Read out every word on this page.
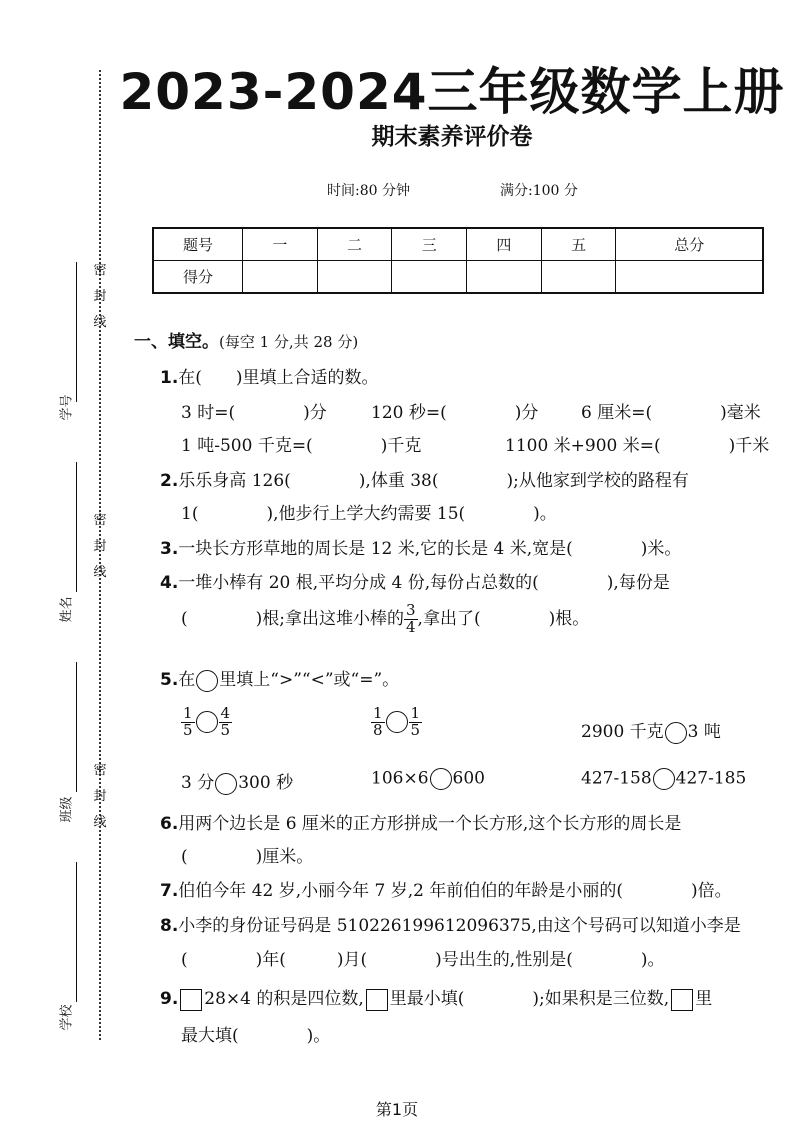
密
封
线
密
封
线
密
封
线
学号
姓名
班级
学校
2023-2024三年级数学上册
期末素养评价卷
时间:80 分钟	满分:100 分
题号	一	二	三	四	五	总分
得分						
一、填空。(每空 1 分,共 28 分)
1.在(　　)里填上合适的数。
3 时=(　　　　)分	120 秒=(　　　　)分	6 厘米=(　　　　)毫米
1 吨-500 千克=(　　　　)千克	1100 米+900 米=(　　　　)千米
2.乐乐身高 126(　　　　),体重 38(　　　　);从他家到学校的路程有
1(　　　　),他步行上学大约需要 15(　　　　)。
3.一块长方形草地的周长是 12 米,它的长是 4 米,宽是(　　　　)米。
4.一堆小棒有 20 根,平均分成 4 份,每份占总数的(　　　　),每份是
(　　　　)根;拿出这堆小棒的 $\frac{3}{4}$ ,拿出了(　　　　)根。
5.在 里填上“>”“<”或“=”。
$\frac{1}{5} \frac{4}{5}$	$\frac{1}{8} \frac{1}{5}$	2900 千克 3 吨
3 分 300 秒	106×6 600	427-158 427-185
6.用两个边长是 6 厘米的正方形拼成一个长方形,这个长方形的周长是
(　　　　)厘米。
7.伯伯今年 42 岁,小丽今年 7 岁,2 年前伯伯的年龄是小丽的(　　　　)倍。
8.小李的身份证号码是 510226199612096375,由这个号码可以知道小李是
(　　　　)年(　　　)月(　　　　)号出生的,性别是(　　　　)。
9. 28×4 的积是四位数, 里最小填(　　　　);如果积是三位数, 里
最大填(　　　　)。
第1页
